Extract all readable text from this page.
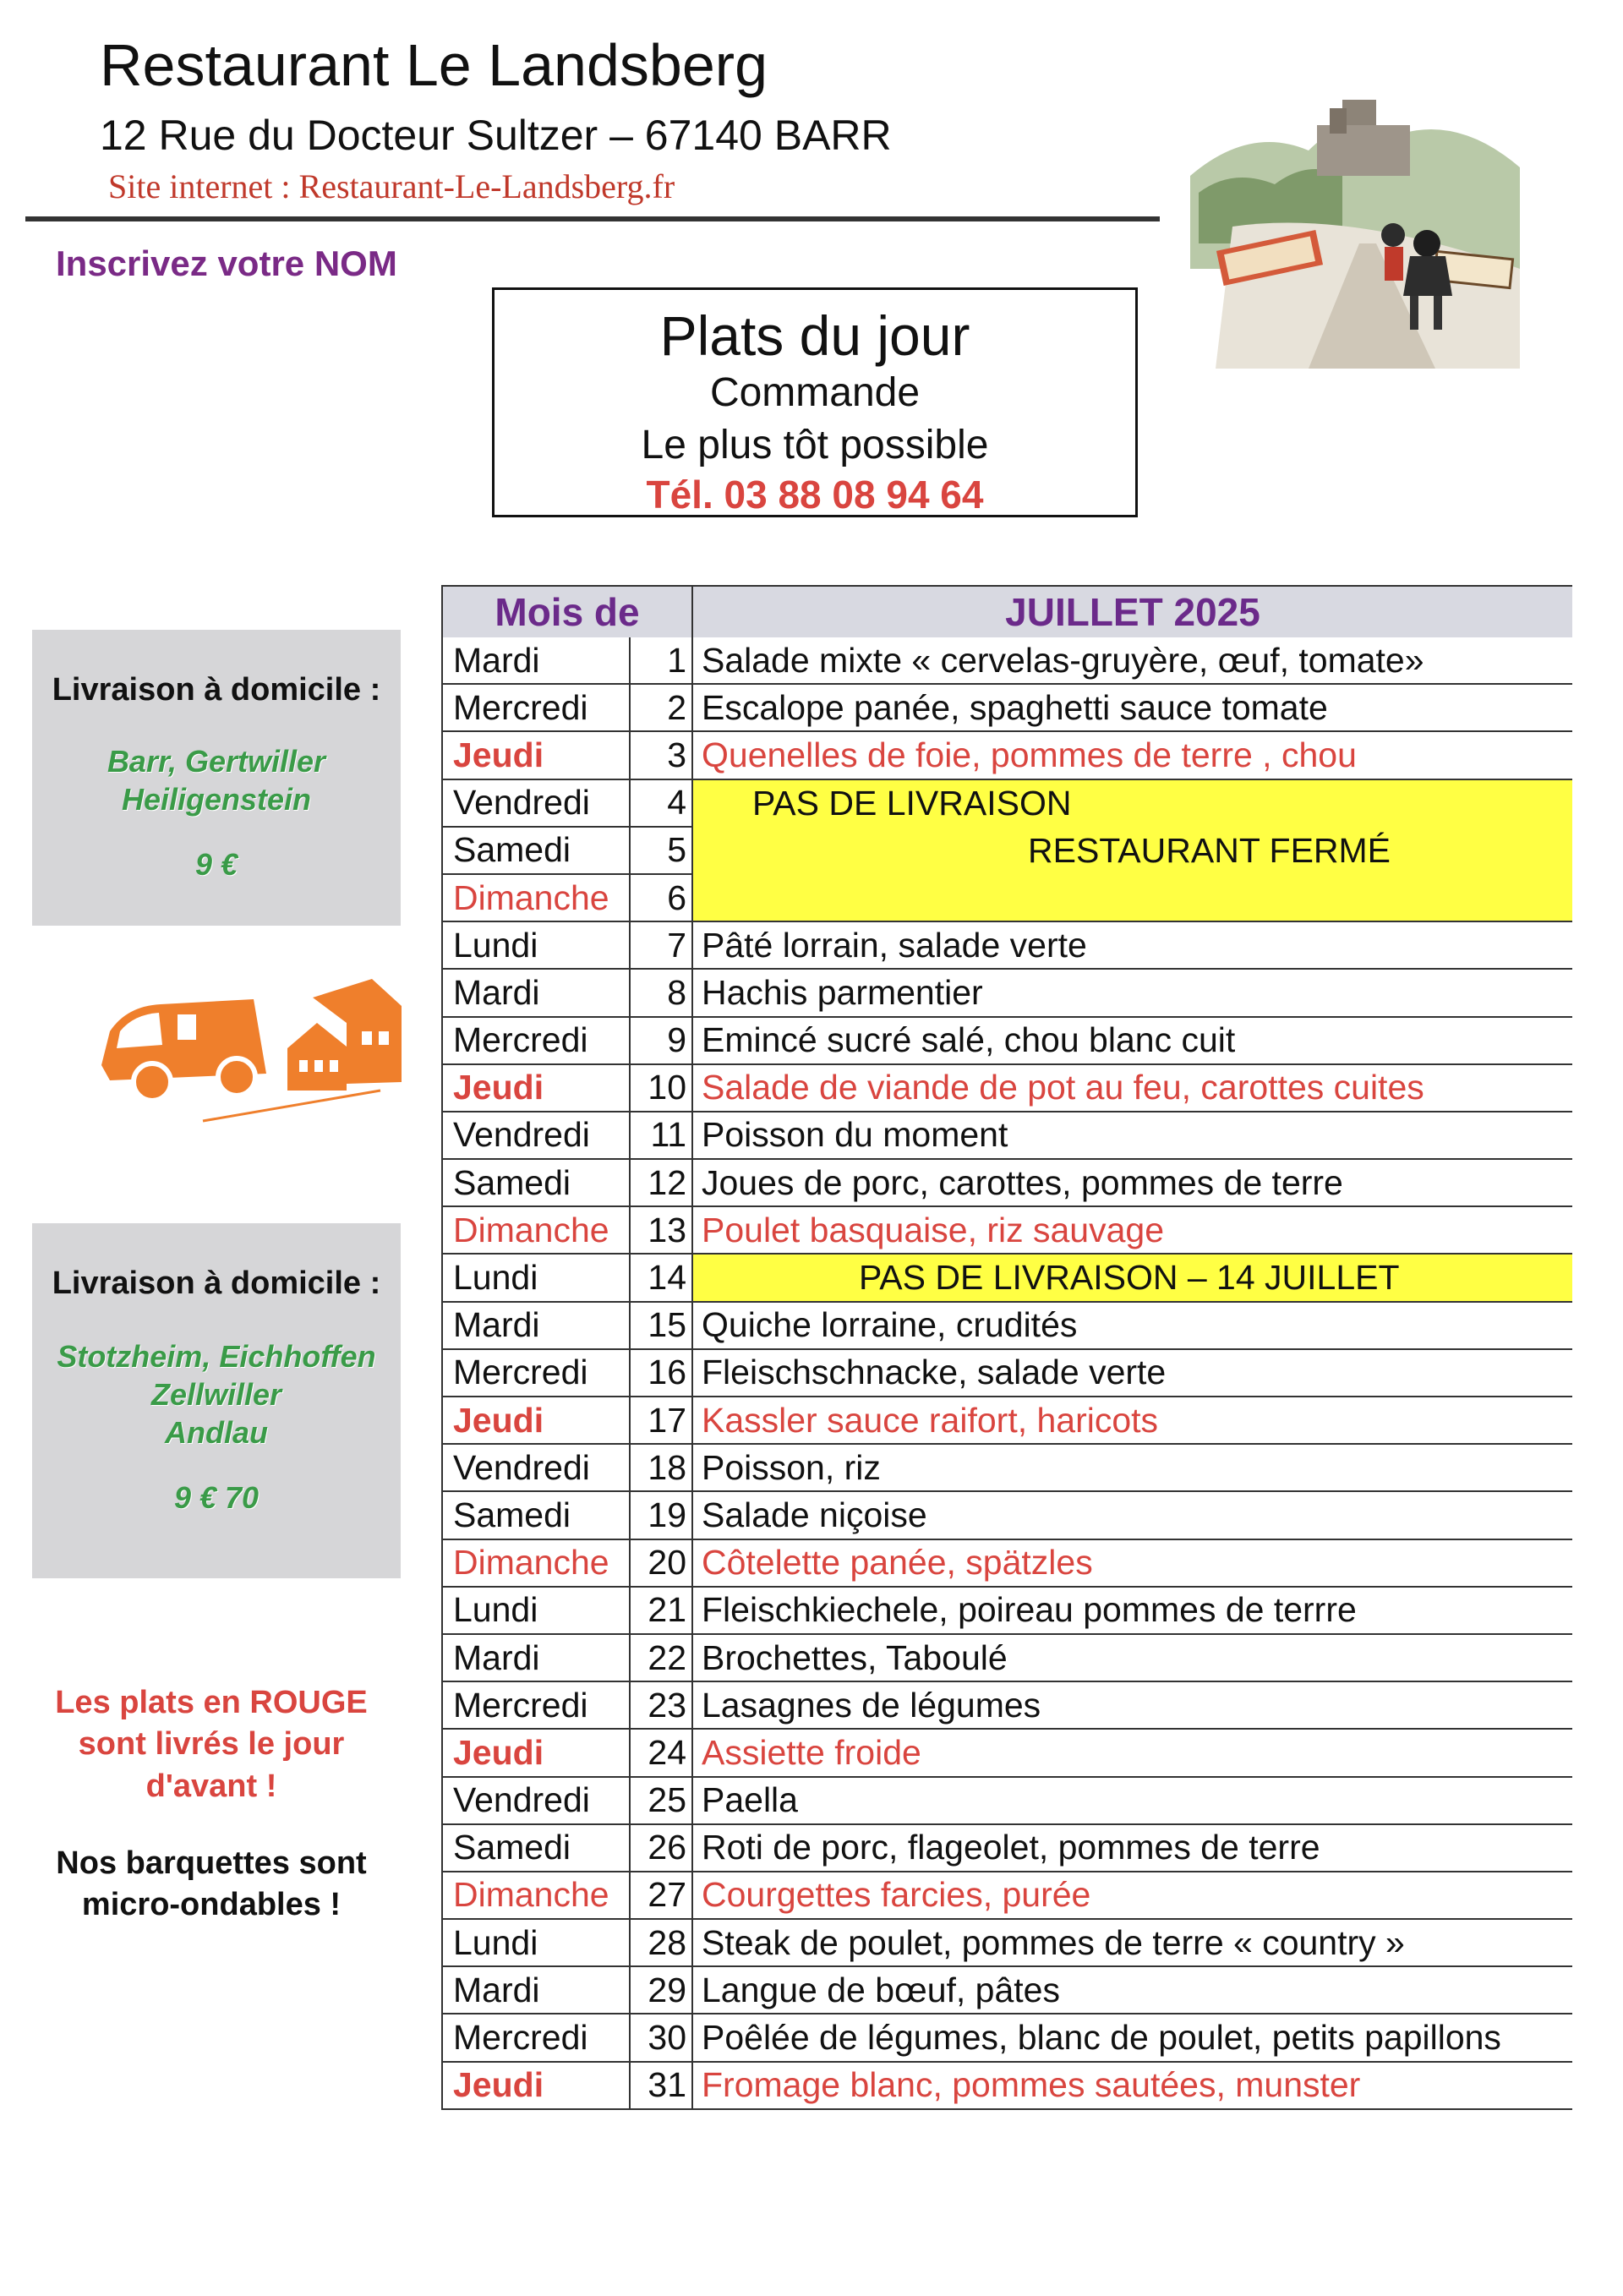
Restaurant Le Landsberg
12 Rue du Docteur Sultzer – 67140 BARR
Site internet : Restaurant-Le-Landsberg.fr
Inscrivez votre NOM
Plats du jour
Commande
Le plus tôt possible
Tél. 03 88 08 94 64
Livraison à domicile :
Barr, Gertwiller
Heiligenstein
9 €
Livraison à domicile :
Stotzheim, Eichhoffen
Zellwiller
Andlau
9 € 70
Les plats en ROUGE
sont livrés le jour
d'avant !
Nos barquettes sont
micro-ondables !
Mois de	JUILLET 2025
Mardi	1 Salade mixte « cervelas-gruyère, œuf, tomate»
Mercredi	2 Escalope panée, spaghetti sauce tomate
Jeudi	3 Quenelles de foie, pommes de terre , chou
Vendredi	4	PAS DE LIVRAISON
Samedi	5	RESTAURANT FERMÉ
Dimanche	6
Lundi	7 Pâté lorrain, salade verte
Mardi	8 Hachis parmentier
Mercredi	9 Emincé sucré salé, chou blanc cuit
Jeudi	10 Salade de viande de pot au feu, carottes cuites
Vendredi	11 Poisson du moment
Samedi	12 Joues de porc, carottes, pommes de terre
Dimanche	13 Poulet basquaise, riz sauvage
Lundi	14	PAS DE LIVRAISON – 14 JUILLET
Mardi	15 Quiche lorraine, crudités
Mercredi	16 Fleischschnacke, salade verte
Jeudi	17 Kassler sauce raifort, haricots
Vendredi	18 Poisson, riz
Samedi	19 Salade niçoise
Dimanche	20 Côtelette panée, spätzles
Lundi	21 Fleischkiechele, poireau pommes de terrre
Mardi	22 Brochettes, Taboulé
Mercredi	23 Lasagnes de légumes
Jeudi	24 Assiette froide
Vendredi	25 Paella
Samedi	26 Roti de porc, flageolet, pommes de terre
Dimanche	27 Courgettes farcies, purée
Lundi	28 Steak de poulet, pommes de terre « country »
Mardi	29 Langue de bœuf, pâtes
Mercredi	30 Poêlée de légumes, blanc de poulet, petits papillons
Jeudi	31 Fromage blanc, pommes sautées, munster
